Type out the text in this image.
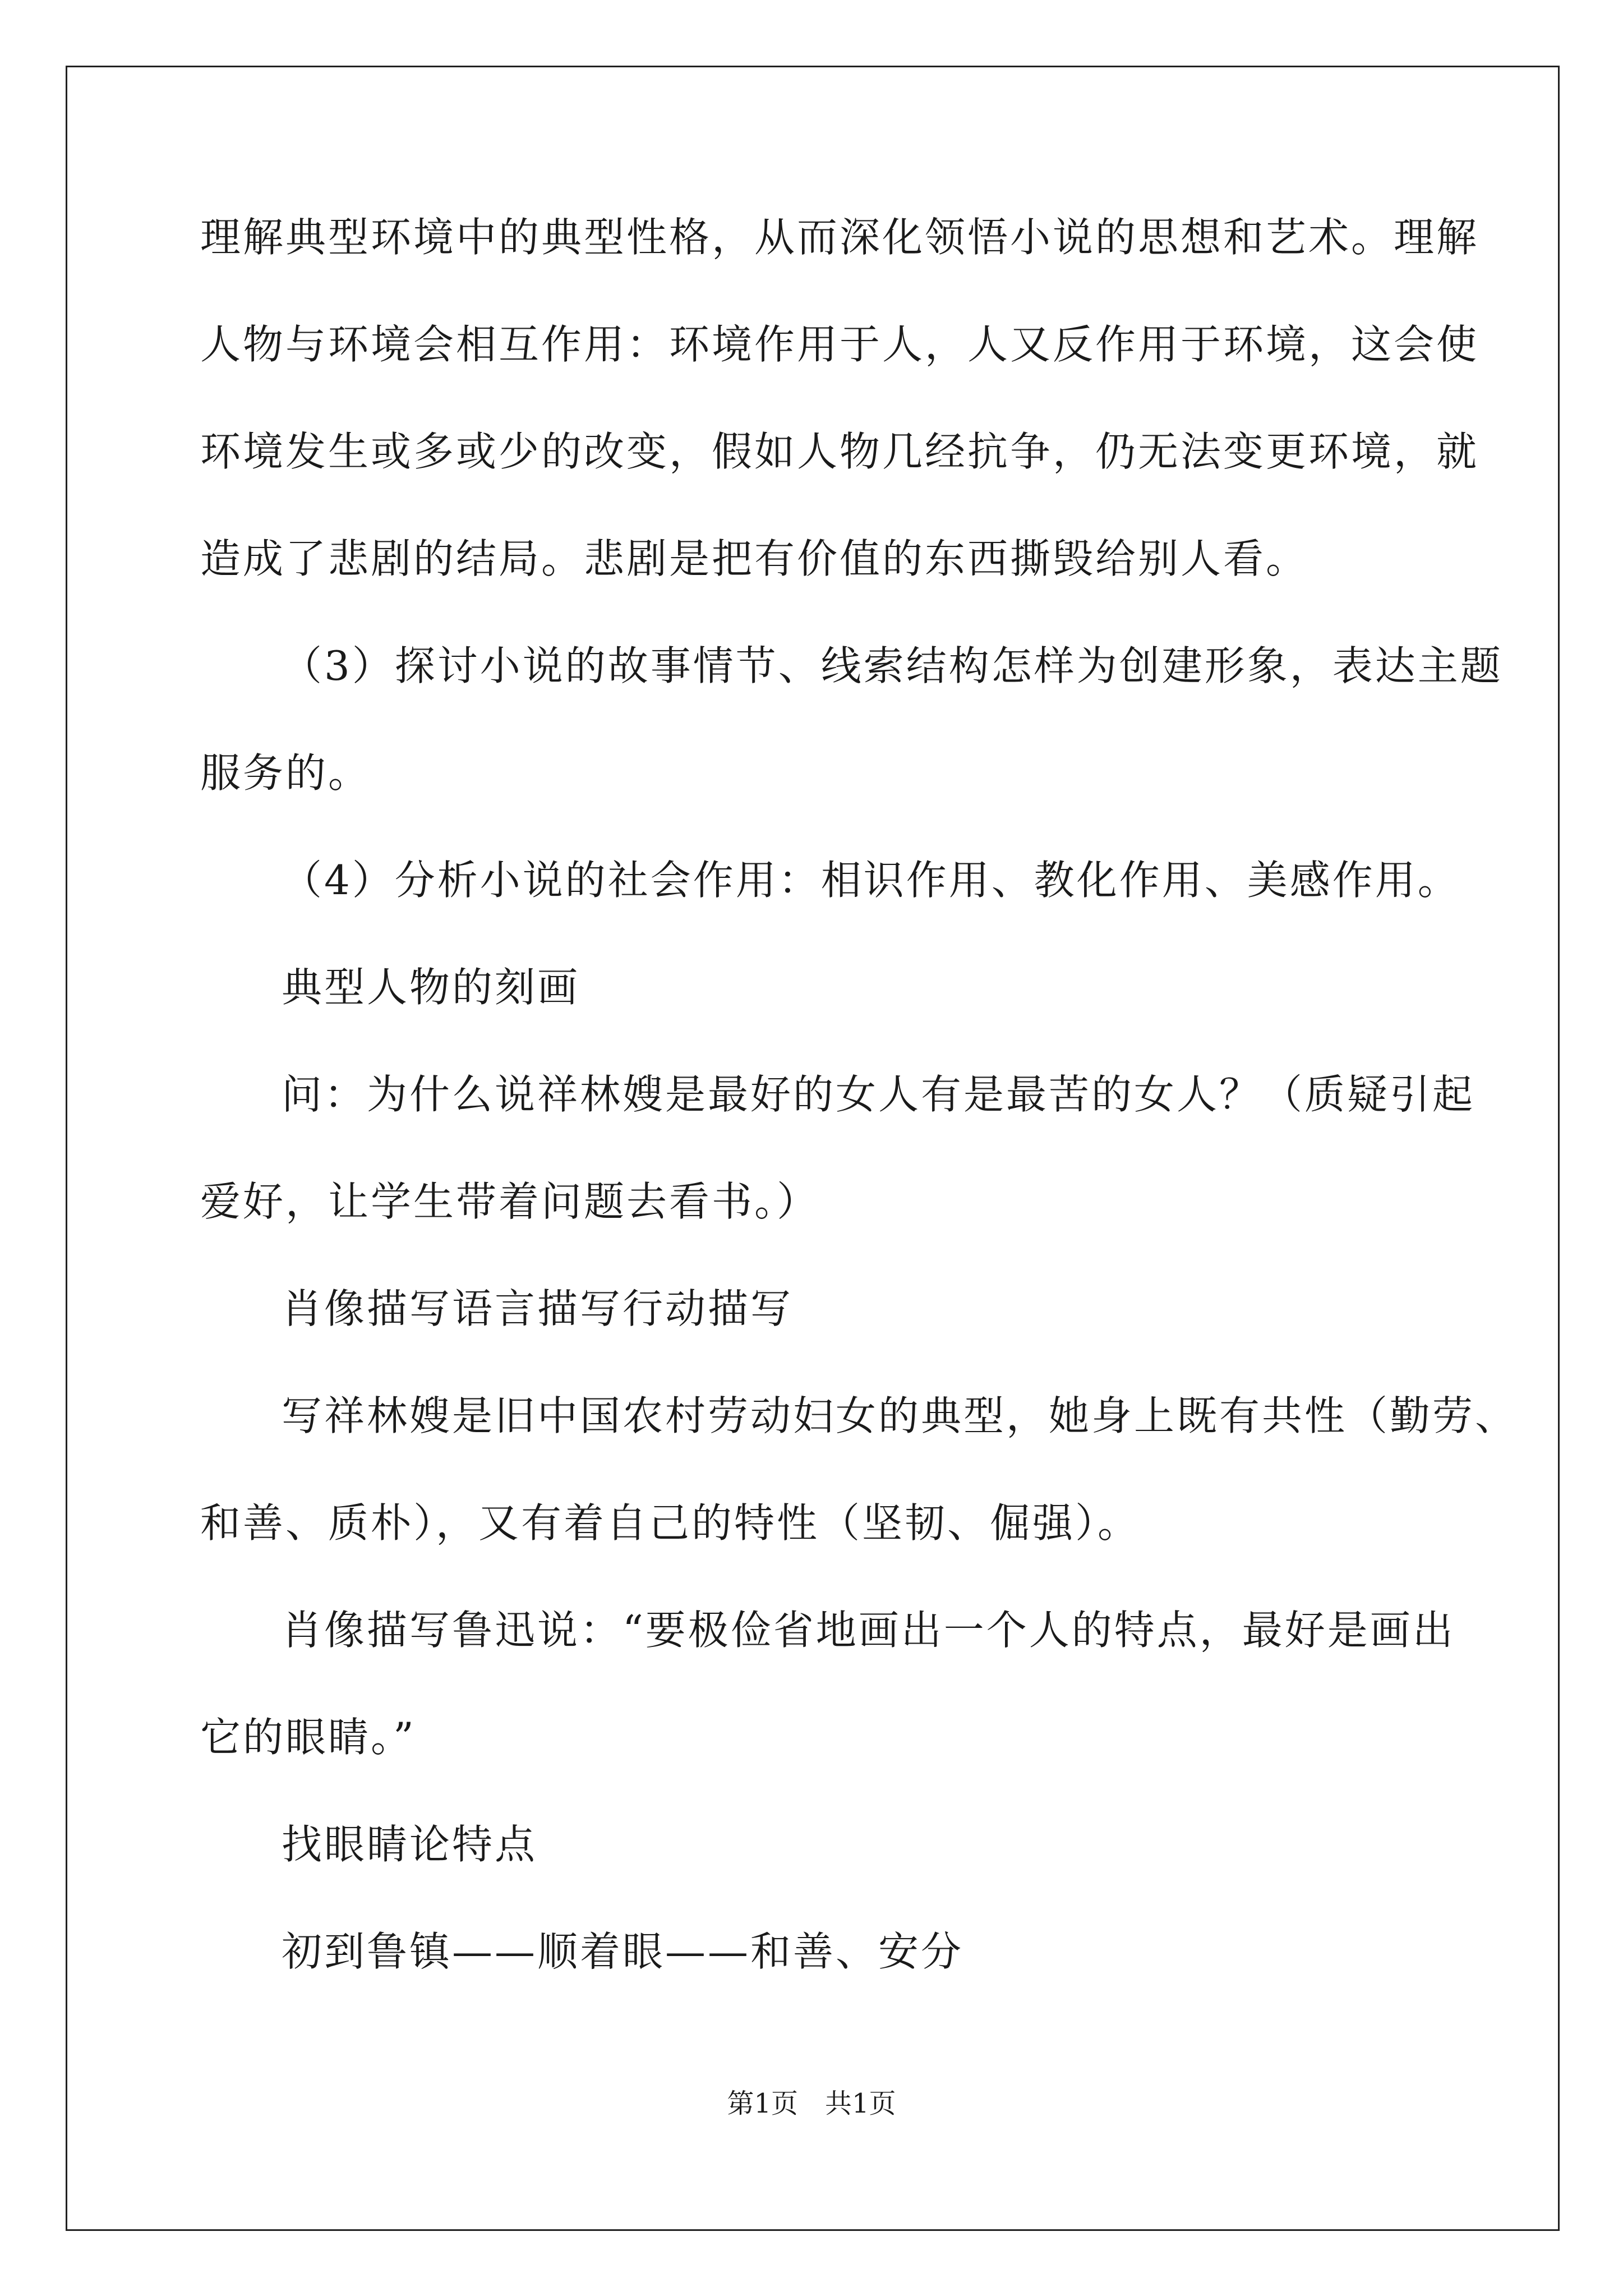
理解典型环境中的典型性格，从而深化领悟小说的思想和艺术。理解
人物与环境会相互作用：环境作用于人，人又反作用于环境，这会使
环境发生或多或少的改变，假如人物几经抗争，仍无法变更环境，就
造成了悲剧的结局。悲剧是把有价值的东西撕毁给别人看。
（3）探讨小说的故事情节、线索结构怎样为创建形象，表达主题
服务的。
（4）分析小说的社会作用：相识作用、教化作用、美感作用。
典型人物的刻画
问：为什么说祥林嫂是最好的女人有是最苦的女人？（质疑引起
爱好，让学生带着问题去看书。）
肖像描写语言描写行动描写
写祥林嫂是旧中国农村劳动妇女的典型，她身上既有共性（勤劳、
和善、质朴），又有着自己的特性（坚韧、倔强）。
肖像描写鲁迅说：“要极俭省地画出一个人的特点，最好是画出
它的眼睛。”
找眼睛论特点
初到鲁镇——顺着眼——和善、安分
第1页　共1页
